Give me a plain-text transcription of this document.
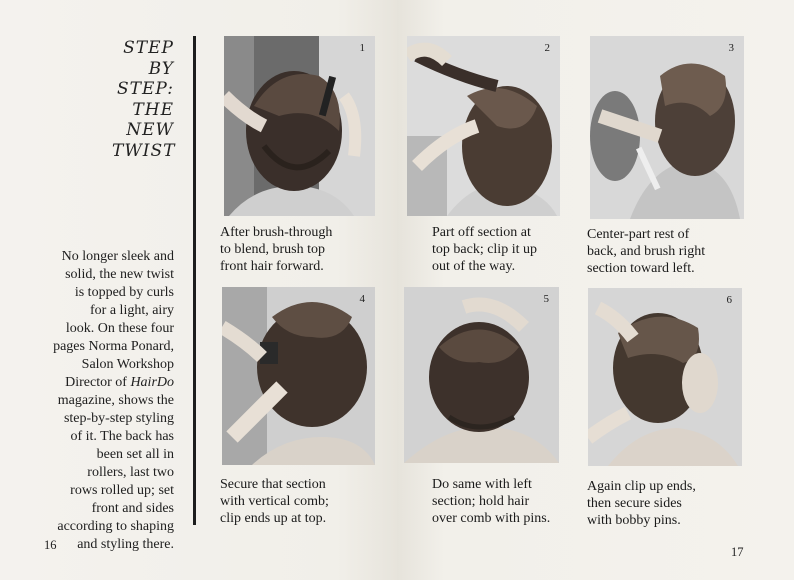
STEP
BY
STEP:
THE
NEW
TWIST
No longer sleek and
solid, the new twist
is topped by curls
for a light, airy
look. On these four
pages Norma Ponard,
Salon Workshop
Director of HairDo
magazine, shows the
step-by-step styling
of it. The back has
been set all in
rollers, last two
rows rolled up; set
front and sides
according to shaping
and styling there.
16	17
1	2	3
4	5	6
After brush-through
to blend, brush top
front hair forward.
Part off section at
top back; clip it up
out of the way.
Center-part rest of
back, and brush right
section toward left.
Secure that section
with vertical comb;
clip ends up at top.
Do same with left
section; hold hair
over comb with pins.
Again clip up ends,
then secure sides
with bobby pins.
